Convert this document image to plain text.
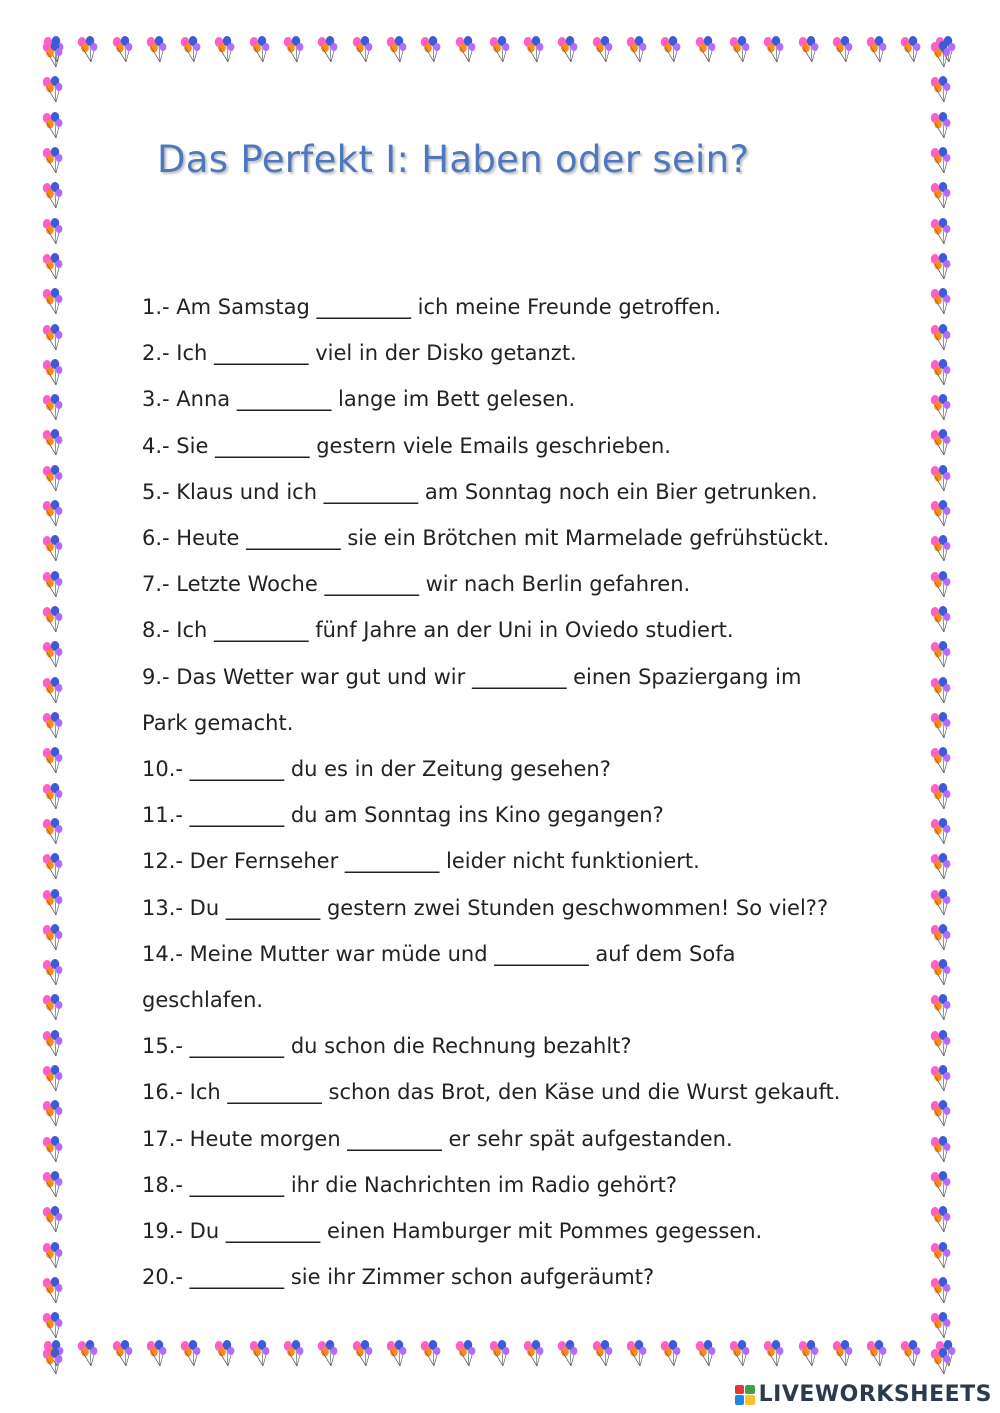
Das Perfekt I: Haben oder sein?
1.- Am Samstag _________ ich meine Freunde getroffen.
2.- Ich _________ viel in der Disko getanzt.
3.- Anna _________ lange im Bett gelesen.
4.- Sie _________ gestern viele Emails geschrieben.
5.- Klaus und ich _________ am Sonntag noch ein Bier getrunken.
6.- Heute _________ sie ein Brötchen mit Marmelade gefrühstückt.
7.- Letzte Woche _________ wir nach Berlin gefahren.
8.- Ich _________ fünf Jahre an der Uni in Oviedo studiert.
9.- Das Wetter war gut und wir _________ einen Spaziergang im
Park gemacht.
10.- _________ du es in der Zeitung gesehen?
11.- _________ du am Sonntag ins Kino gegangen?
12.- Der Fernseher _________ leider nicht funktioniert.
13.- Du _________ gestern zwei Stunden geschwommen! So viel??
14.- Meine Mutter war müde und _________ auf dem Sofa
geschlafen.
15.- _________ du schon die Rechnung bezahlt?
16.- Ich _________ schon das Brot, den Käse und die Wurst gekauft.
17.- Heute morgen _________ er sehr spät aufgestanden.
18.- _________ ihr die Nachrichten im Radio gehört?
19.- Du _________ einen Hamburger mit Pommes gegessen.
20.- _________ sie ihr Zimmer schon aufgeräumt?
LIVEWORKSHEETS
